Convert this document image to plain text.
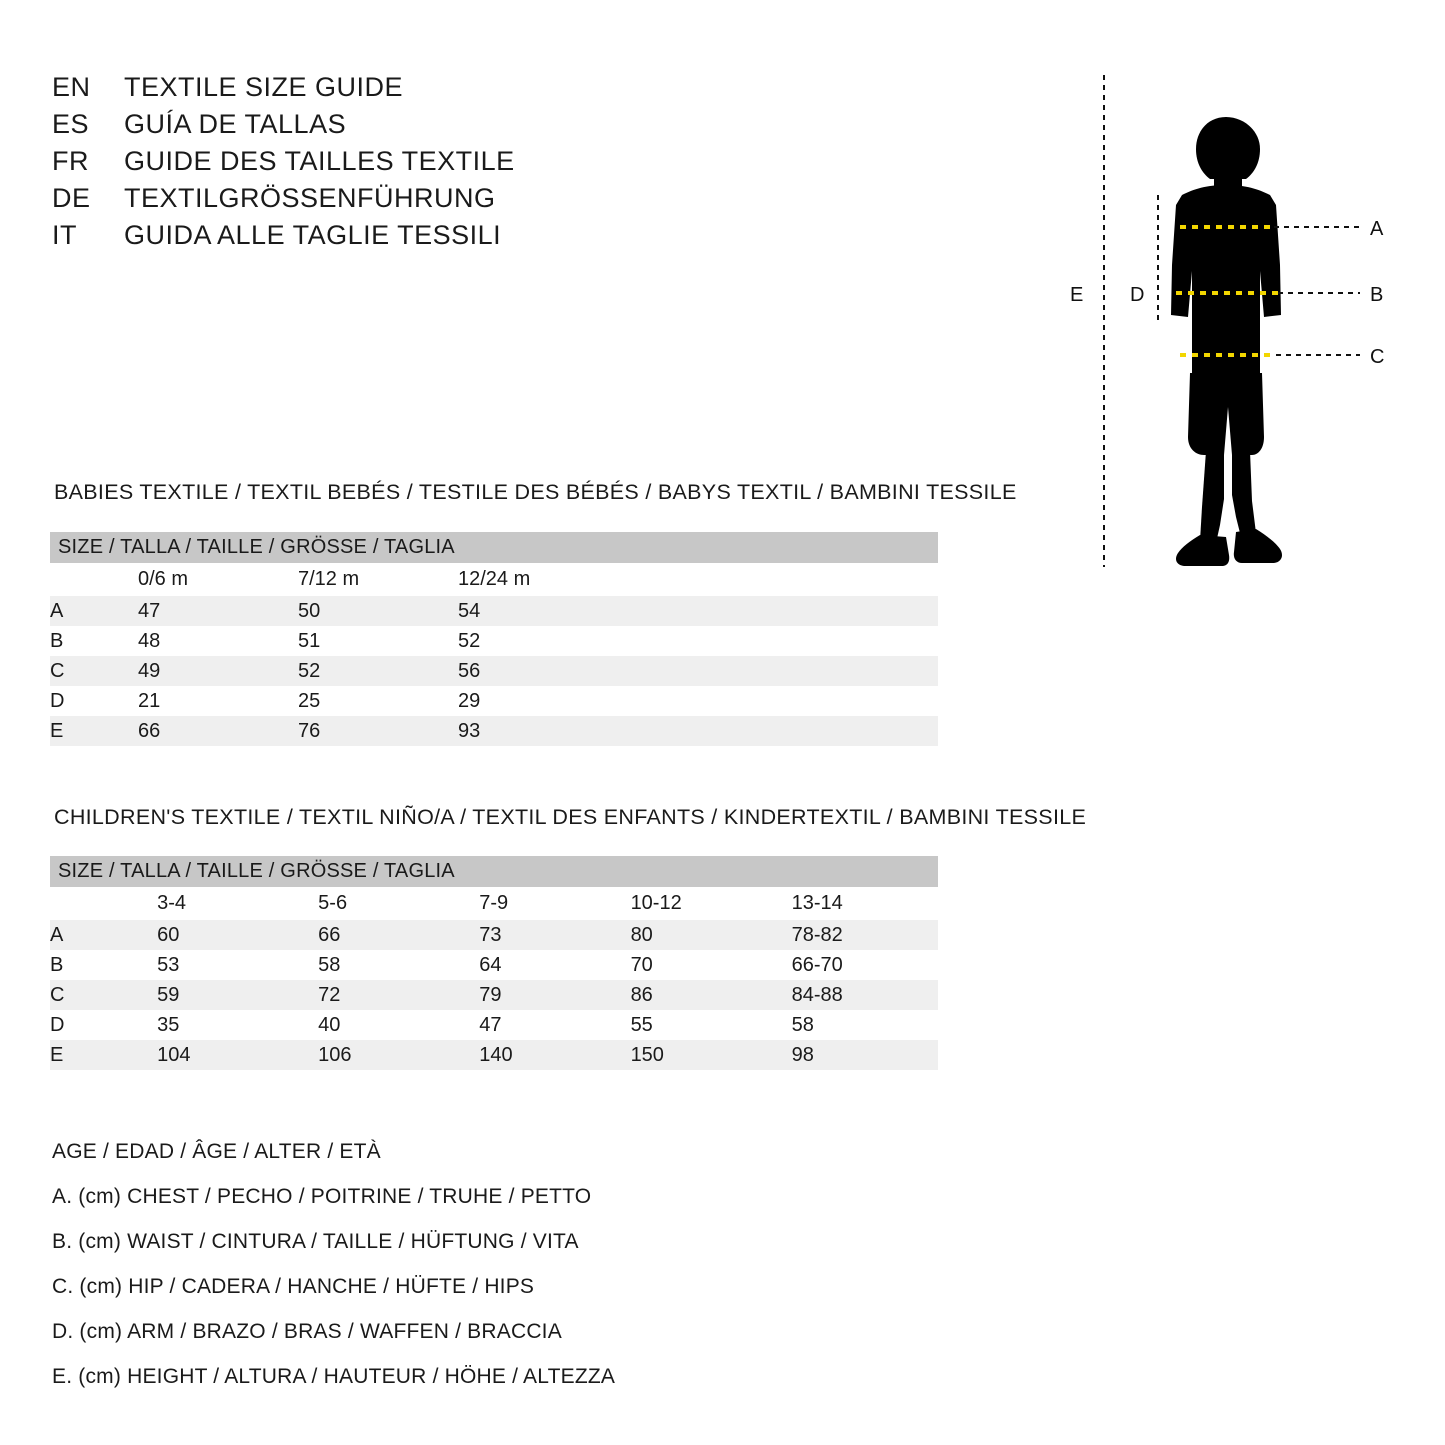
EN	TEXTILE SIZE GUIDE
ES	GUÍA DE TALLAS
FR	GUIDE DES TAILLES TEXTILE
DE	TEXTILGRÖSSENFÜHRUNG
IT	GUIDA ALLE TAGLIE TESSILI	A
B
C
D
E
BABIES TEXTILE / TEXTIL BEBÉS / TESTILE DES BÉBÉS / BABYS TEXTIL / BAMBINI TESSILE
SIZE / TALLA / TAILLE / GRÖSSE / TAGLIA				
	0/6 m	7/12 m	12/24 m	
A	47	50	54	
B	48	51	52	
C	49	52	56	
D	21	25	29	
E	66	76	93	
CHILDREN'S TEXTILE / TEXTIL NIÑO/A / TEXTIL DES ENFANTS / KINDERTEXTIL / BAMBINI TESSILE
SIZE / TALLA / TAILLE / GRÖSSE / TAGLIA					
	3-4	5-6	7-9	10-12	13-14
A	60	66	73	80	78-82
B	53	58	64	70	66-70
C	59	72	79	86	84-88
D	35	40	47	55	58
E	104	106	140	150	98
AGE / EDAD / ÂGE / ALTER / ETÀ
A. (cm) CHEST / PECHO / POITRINE / TRUHE / PETTO
B. (cm) WAIST / CINTURA / TAILLE / HÜFTUNG / VITA
C. (cm) HIP / CADERA / HANCHE / HÜFTE / HIPS
D. (cm) ARM / BRAZO / BRAS / WAFFEN / BRACCIA
E. (cm) HEIGHT / ALTURA / HAUTEUR / HÖHE / ALTEZZA
